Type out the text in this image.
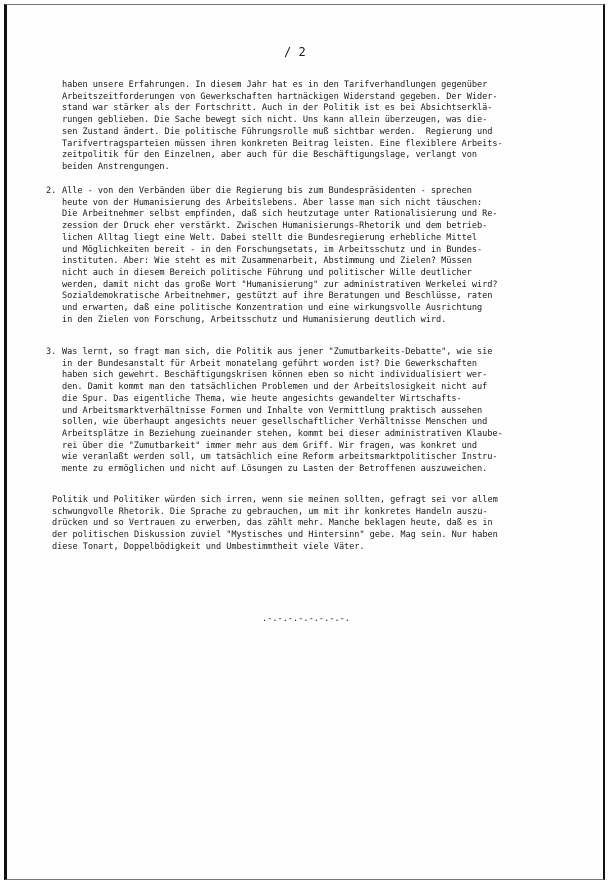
/ 2
haben unsere Erfahrungen. In diesem Jahr hat es in den Tarifverhandlungen gegenüber
Arbeitszeitforderungen von Gewerkschaften hartnäckigen Widerstand gegeben. Der Wider-
stand war stärker als der Fortschritt. Auch in der Politik ist es bei Absichtserklä-
rungen geblieben. Die Sache bewegt sich nicht. Uns kann allein überzeugen, was die-
sen Zustand ändert. Die politische Führungsrolle muß sichtbar werden.  Regierung und
Tarifvertragsparteien müssen ihren konkreten Beitrag leisten. Eine flexiblere Arbeits-
zeitpolitik für den Einzelnen, aber auch für die Beschäftigungslage, verlangt von
beiden Anstrengungen.
2. Alle - von den Verbänden über die Regierung bis zum Bundespräsidenten - sprechen
heute von der Humanisierung des Arbeitslebens. Aber lasse man sich nicht täuschen:
Die Arbeitnehmer selbst empfinden, daß sich heutzutage unter Rationalisierung und Re-
zession der Druck eher verstärkt. Zwischen Humanisierungs-Rhetorik und dem betrieb-
lichen Alltag liegt eine Welt. Dabei stellt die Bundesregierung erhebliche Mittel
und Möglichkeiten bereit - in den Forschungsetats, im Arbeitsschutz und in Bundes-
instituten. Aber: Wie steht es mit Zusammenarbeit, Abstimmung und Zielen? Müssen
nicht auch in diesem Bereich politische Führung und politischer Wille deutlicher
werden, damit nicht das große Wort "Humanisierung" zur administrativen Werkelei wird?
Sozialdemokratische Arbeitnehmer, gestützt auf ihre Beratungen und Beschlüsse, raten
und erwarten, daß eine politische Konzentration und eine wirkungsvolle Ausrichtung
in den Zielen von Forschung, Arbeitsschutz und Humanisierung deutlich wird.
3. Was lernt, so fragt man sich, die Politik aus jener "Zumutbarkeits-Debatte", wie sie
in der Bundesanstalt für Arbeit monatelang geführt worden ist? Die Gewerkschaften
haben sich gewehrt. Beschäftigungskrisen können eben so nicht individualisiert wer-
den. Damit kommt man den tatsächlichen Problemen und der Arbeitslosigkeit nicht auf
die Spur. Das eigentliche Thema, wie heute angesichts gewandelter Wirtschafts-
und Arbeitsmarktverhältnisse Formen und Inhalte von Vermittlung praktisch aussehen
sollen, wie überhaupt angesichts neuer gesellschaftlicher Verhältnisse Menschen und
Arbeitsplätze in Beziehung zueinander stehen, kommt bei dieser administrativen Klaube-
rei über die "Zumutbarkeit" immer mehr aus dem Griff. Wir fragen, was konkret und
wie veranlaßt werden soll, um tatsächlich eine Reform arbeitsmarktpolitischer Instru-
mente zu ermöglichen und nicht auf Lösungen zu Lasten der Betroffenen auszuweichen.
Politik und Politiker würden sich irren, wenn sie meinen sollten, gefragt sei vor allem
schwungvolle Rhetorik. Die Sprache zu gebrauchen, um mit ihr konkretes Handeln auszu-
drücken und so Vertrauen zu erwerben, das zählt mehr. Manche beklagen heute, daß es in
der politischen Diskussion zuviel "Mystisches und Hintersinn" gebe. Mag sein. Nur haben
diese Tonart, Doppelbödigkeit und Umbestimmtheit viele Väter.
.-.-.-.-.-.-.-.-.
